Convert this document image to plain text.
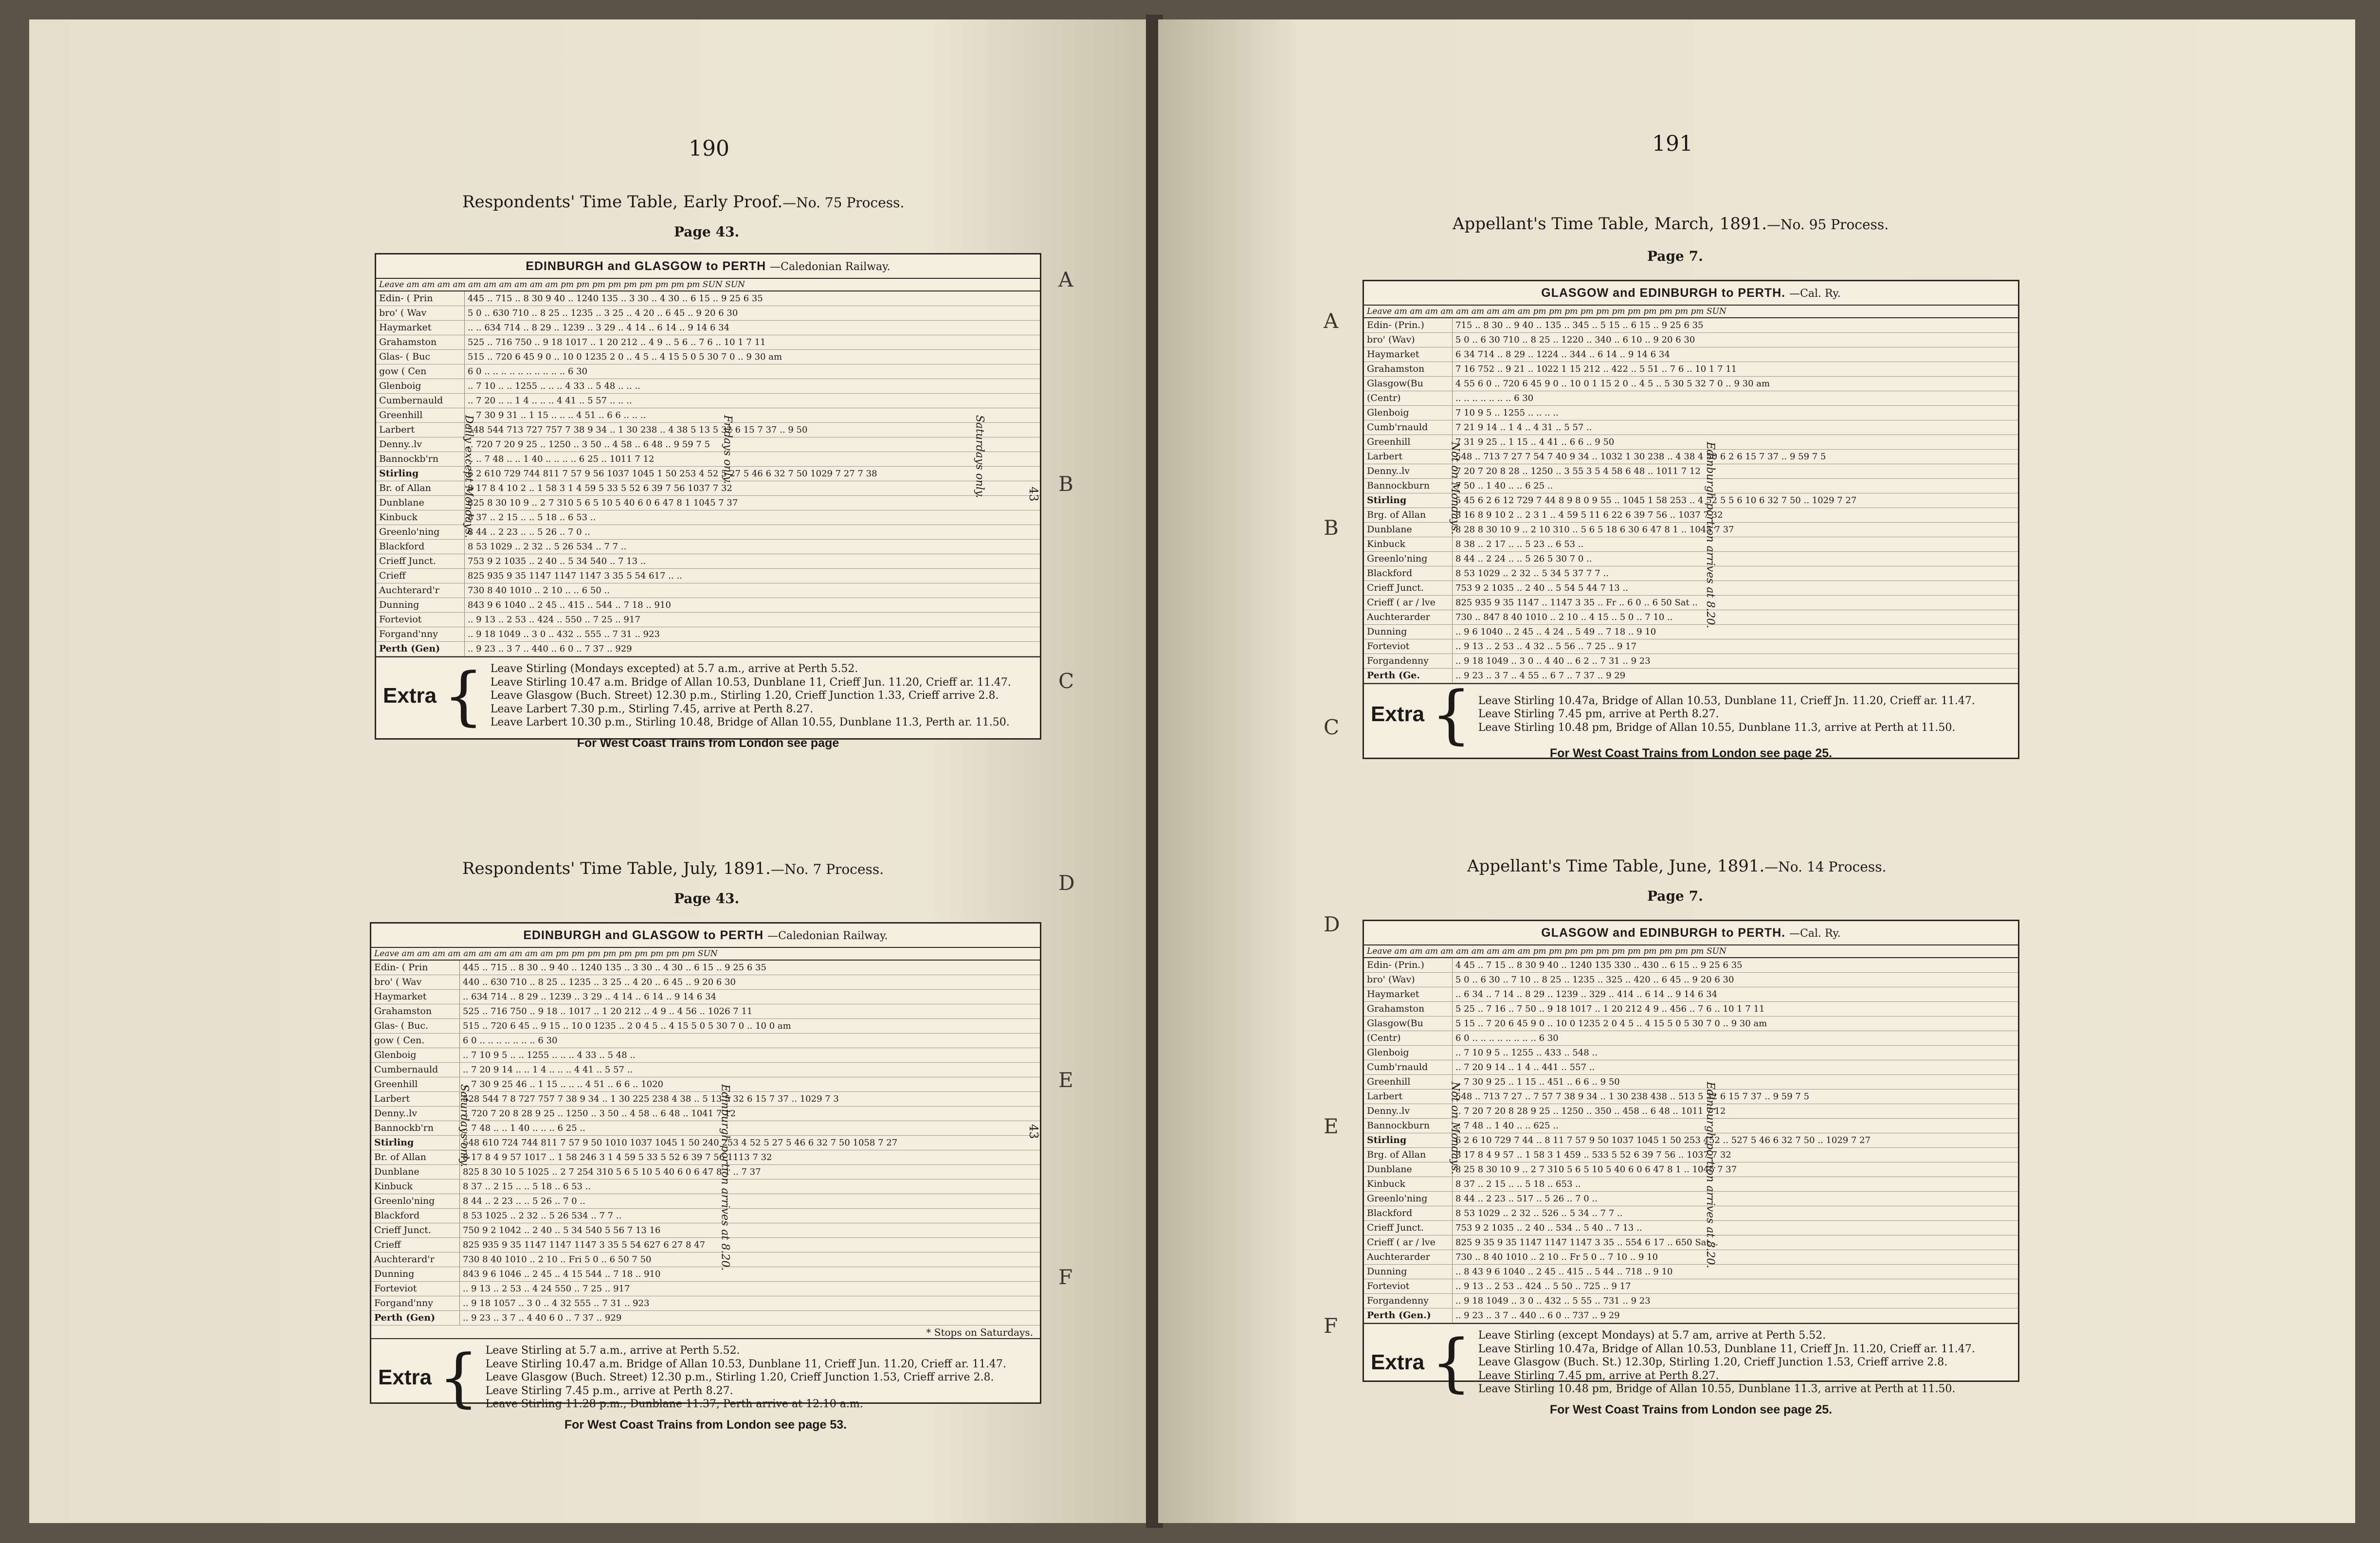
190
A
B
C
D
E
F
Respondents' Time Table, Early Proof.—No. 75 Process.
Page 43.
EDINBURGH and GLASGOW to PERTH —Caledonian Railway.
Leave am am am am am am am am am am pm pm pm pm pm pm pm pm pm SUN SUN
Edin- ( Prin	445 .. 715 .. 8 30 9 40 .. 1240 135 .. 3 30 .. 4 30 .. 6 15 .. 9 25 6 35
bro' ( Wav	5 0 .. 630 710 .. 8 25 .. 1235 .. 3 25 .. 4 20 .. 6 45 .. 9 20 6 30
Haymarket	.. .. 634 714 .. 8 29 .. 1239 .. 3 29 .. 4 14 .. 6 14 .. 9 14 6 34
Grahamston	525 .. 716 750 .. 9 18 1017 .. 1 20 212 .. 4 9 .. 5 6 .. 7 6 .. 10 1 7 11
Glas- ( Buc	515 .. 720 6 45 9 0 .. 10 0 1235 2 0 .. 4 5 .. 4 15 5 0 5 30 7 0 .. 9 30 am
gow ( Cen	6 0 .. .. .. .. .. .. .. .. .. .. 6 30
Glenboig	.. 7 10 .. .. 1255 .. .. .. 4 33 .. 5 48 .. .. ..
Cumbernauld	.. 7 20 .. .. 1 4 .. .. .. 4 41 .. 5 57 .. .. ..
Greenhill	.. 7 30 9 31 .. 1 15 .. .. .. 4 51 .. 6 6 .. .. ..
Larbert	548 544 713 727 757 7 38 9 34 .. 1 30 238 .. 4 38 5 13 5 32 6 15 7 37 .. 9 50
Denny..lv	.. 720 7 20 9 25 .. 1250 .. 3 50 .. 4 58 .. 6 48 .. 9 59 7 5
Bannockb'rn	.. .. 7 48 .. .. 1 40 .. .. .. .. 6 25 .. 1011 7 12
Stirling	6 2 610 729 744 811 7 57 9 56 1037 1045 1 50 253 4 52 5 27 5 46 6 32 7 50 1029 7 27 7 38
Br. of Allan	8 17 8 4 10 2 .. 1 58 3 1 4 59 5 33 5 52 6 39 7 56 1037 7 32
Dunblane	825 8 30 10 9 .. 2 7 310 5 6 5 10 5 40 6 0 6 47 8 1 1045 7 37
Kinbuck	8 37 .. 2 15 .. .. 5 18 .. 6 53 ..
Greenlo'ning	8 44 .. 2 23 .. .. 5 26 .. 7 0 ..
Blackford	8 53 1029 .. 2 32 .. 5 26 534 .. 7 7 ..
Crieff Junct.	753 9 2 1035 .. 2 40 .. 5 34 540 .. 7 13 ..
Crieff	825 935 9 35 1147 1147 1147 3 35 5 54 617 .. ..
Auchterard'r	730 8 40 1010 .. 2 10 .. .. 6 50 ..
Dunning	843 9 6 1040 .. 2 45 .. 415 .. 544 .. 7 18 .. 910
Forteviot	.. 9 13 .. 2 53 .. 424 .. 550 .. 7 25 .. 917
Forgand'nny	.. 9 18 1049 .. 3 0 .. 432 .. 555 .. 7 31 .. 923
Perth (Gen)	.. 9 23 .. 3 7 .. 440 .. 6 0 .. 7 37 .. 929
Extra { Leave Stirling (Mondays excepted) at 5.7 a.m., arrive at Perth 5.52.
Leave Stirling 10.47 a.m. Bridge of Allan 10.53, Dunblane 11, Crieff Jun. 11.20, Crieff ar. 11.47.
Leave Glasgow (Buch. Street) 12.30 p.m., Stirling 1.20, Crieff Junction 1.33, Crieff arrive 2.8.
Leave Larbert 7.30 p.m., Stirling 7.45, arrive at Perth 8.27.
Leave Larbert 10.30 p.m., Stirling 10.48, Bridge of Allan 10.55, Dunblane 11.3, Perth ar. 11.50.
For West Coast Trains from London see page
Daily except Mondays.	Fridays only.	Saturdays only.	43
Respondents' Time Table, July, 1891.—No. 7 Process.
Page 43.
EDINBURGH and GLASGOW to PERTH —Caledonian Railway.
Leave am am am am am am am am am am pm pm pm pm pm pm pm pm pm SUN
Edin- ( Prin	445 .. 715 .. 8 30 .. 9 40 .. 1240 135 .. 3 30 .. 4 30 .. 6 15 .. 9 25 6 35
bro' ( Wav	440 .. 630 710 .. 8 25 .. 1235 .. 3 25 .. 4 20 .. 6 45 .. 9 20 6 30
Haymarket	.. 634 714 .. 8 29 .. 1239 .. 3 29 .. 4 14 .. 6 14 .. 9 14 6 34
Grahamston	525 .. 716 750 .. 9 18 .. 1017 .. 1 20 212 .. 4 9 .. 4 56 .. 1026 7 11
Glas- ( Buc.	515 .. 720 6 45 .. 9 15 .. 10 0 1235 .. 2 0 4 5 .. 4 15 5 0 5 30 7 0 .. 10 0 am
gow ( Cen.	6 0 .. .. .. .. .. .. .. 6 30
Glenboig	.. 7 10 9 5 .. .. 1255 .. .. .. 4 33 .. 5 48 ..
Cumbernauld	.. 7 20 9 14 .. .. 1 4 .. .. .. 4 41 .. 5 57 ..
Greenhill	.. 7 30 9 25 46 .. 1 15 .. .. .. 4 51 .. 6 6 .. 1020
Larbert	528 544 7 8 727 757 7 38 9 34 .. 1 30 225 238 4 38 .. 5 13 5 32 6 15 7 37 .. 1029 7 3
Denny..lv	.. 720 7 20 8 28 9 25 .. 1250 .. 3 50 .. 4 58 .. 6 48 .. 1041 7 12
Bannockb'rn	.. 7 48 .. .. 1 40 .. .. .. 6 25 ..
Stirling	548 610 724 744 811 7 57 9 50 1010 1037 1045 1 50 240 253 4 52 5 27 5 46 6 32 7 50 1058 7 27
Br. of Allan	8 17 8 4 9 57 1017 .. 1 58 246 3 1 4 59 5 33 5 52 6 39 7 56 1113 7 32
Dunblane	825 8 30 10 5 1025 .. 2 7 254 310 5 6 5 10 5 40 6 0 6 47 8 1 .. 7 37
Kinbuck	8 37 .. 2 15 .. .. 5 18 .. 6 53 ..
Greenlo'ning	8 44 .. 2 23 .. .. 5 26 .. 7 0 ..
Blackford	8 53 1025 .. 2 32 .. 5 26 534 .. 7 7 ..
Crieff Junct.	750 9 2 1042 .. 2 40 .. 5 34 540 5 56 7 13 16
Crieff	825 935 9 35 1147 1147 1147 3 35 5 54 627 6 27 8 47
Auchterard'r	730 8 40 1010 .. 2 10 .. Fri 5 0 .. 6 50 7 50
Dunning	843 9 6 1046 .. 2 45 .. 4 15 544 .. 7 18 .. 910
Forteviot	.. 9 13 .. 2 53 .. 4 24 550 .. 7 25 .. 917
Forgand'nny	.. 9 18 1057 .. 3 0 .. 4 32 555 .. 7 31 .. 923
Perth (Gen)	.. 9 23 .. 3 7 .. 4 40 6 0 .. 7 37 .. 929
* Stops on Saturdays.
Extra { Leave Stirling at 5.7 a.m., arrive at Perth 5.52.
Leave Stirling 10.47 a.m. Bridge of Allan 10.53, Dunblane 11, Crieff Jun. 11.20, Crieff ar. 11.47.
Leave Glasgow (Buch. Street) 12.30 p.m., Stirling 1.20, Crieff Junction 1.53, Crieff arrive 2.8.
Leave Stirling 7.45 p.m., arrive at Perth 8.27.
Leave Stirling 11.28 p.m., Dunblane 11.37, Perth arrive at 12.10 a.m.
For West Coast Trains from London see page 53.
Saturdays only.	Edinburgh portion arrives at 8.20.	43
191
A
B
C
D
E
F
Appellant's Time Table, March, 1891.—No. 95 Process.
Page 7.
GLASGOW and EDINBURGH to PERTH. —Cal. Ry.
Leave am am am am am am am am am pm pm pm pm pm pm pm pm pm pm pm SUN
Edin- (Prin.)	715 .. 8 30 .. 9 40 .. 135 .. 345 .. 5 15 .. 6 15 .. 9 25 6 35
bro' (Wav)	5 0 .. 6 30 710 .. 8 25 .. 1220 .. 340 .. 6 10 .. 9 20 6 30
Haymarket	6 34 714 .. 8 29 .. 1224 .. 344 .. 6 14 .. 9 14 6 34
Grahamston	7 16 752 .. 9 21 .. 1022 1 15 212 .. 422 .. 5 51 .. 7 6 .. 10 1 7 11
Glasgow(Bu	4 55 6 0 .. 720 6 45 9 0 .. 10 0 1 15 2 0 .. 4 5 .. 5 30 5 32 7 0 .. 9 30 am
(Centr)	.. .. .. .. .. .. .. 6 30
Glenboig	7 10 9 5 .. 1255 .. .. .. ..
Cumb'rnauld	7 21 9 14 .. 1 4 .. 4 31 .. 5 57 ..
Greenhill	7 31 9 25 .. 1 15 .. 4 41 .. 6 6 .. 9 50
Larbert	548 .. 713 7 27 7 54 7 40 9 34 .. 1032 1 30 238 .. 4 38 4 50 6 2 6 15 7 37 .. 9 59 7 5
Denny..lv	7 20 7 20 8 28 .. 1250 .. 3 55 3 5 4 58 6 48 .. 1011 7 12
Bannockburn	7 50 .. 1 40 .. .. 6 25 ..
Stirling	5 45 6 2 6 12 729 7 44 8 9 8 0 9 55 .. 1045 1 58 253 .. 4 52 5 5 6 10 6 32 7 50 .. 1029 7 27
Brg. of Allan	8 16 8 9 10 2 .. 2 3 1 .. 4 59 5 11 6 22 6 39 7 56 .. 1037 7 32
Dunblane	8 28 8 30 10 9 .. 2 10 310 .. 5 6 5 18 6 30 6 47 8 1 .. 1045 7 37
Kinbuck	8 38 .. 2 17 .. .. 5 23 .. 6 53 ..
Greenlo'ning	8 44 .. 2 24 .. .. 5 26 5 30 7 0 ..
Blackford	8 53 1029 .. 2 32 .. 5 34 5 37 7 7 ..
Crieff Junct.	753 9 2 1035 .. 2 40 .. 5 54 5 44 7 13 ..
Crieff ( ar / lve	825 935 9 35 1147 .. 1147 3 35 .. Fr .. 6 0 .. 6 50 Sat ..
Auchterarder	730 .. 847 8 40 1010 .. 2 10 .. 4 15 .. 5 0 .. 7 10 ..
Dunning	.. 9 6 1040 .. 2 45 .. 4 24 .. 5 49 .. 7 18 .. 9 10
Forteviot	.. 9 13 .. 2 53 .. 4 32 .. 5 56 .. 7 25 .. 9 17
Forgandenny	.. 9 18 1049 .. 3 0 .. 4 40 .. 6 2 .. 7 31 .. 9 23
Perth (Ge.	.. 9 23 .. 3 7 .. 4 55 .. 6 7 .. 7 37 .. 9 29
Extra { Leave Stirling 10.47a, Bridge of Allan 10.53, Dunblane 11, Crieff Jn. 11.20, Crieff ar. 11.47.
Leave Stirling 7.45 pm, arrive at Perth 8.27.
Leave Stirling 10.48 pm, Bridge of Allan 10.55, Dunblane 11.3, arrive at Perth at 11.50.
For West Coast Trains from London see page 25.
Not on Mondays.	Edinburgh portion arrives at 8.20.
Appellant's Time Table, June, 1891.—No. 14 Process.
Page 7.
GLASGOW and EDINBURGH to PERTH. —Cal. Ry.
Leave am am am am am am am am am pm pm pm pm pm pm pm pm pm pm pm SUN
Edin- (Prin.)	4 45 .. 7 15 .. 8 30 9 40 .. 1240 135 330 .. 430 .. 6 15 .. 9 25 6 35
bro' (Wav)	5 0 .. 6 30 .. 7 10 .. 8 25 .. 1235 .. 325 .. 420 .. 6 45 .. 9 20 6 30
Haymarket	.. 6 34 .. 7 14 .. 8 29 .. 1239 .. 329 .. 414 .. 6 14 .. 9 14 6 34
Grahamston	5 25 .. 7 16 .. 7 50 .. 9 18 1017 .. 1 20 212 4 9 .. 456 .. 7 6 .. 10 1 7 11
Glasgow(Bu	5 15 .. 7 20 6 45 9 0 .. 10 0 1235 2 0 4 5 .. 4 15 5 0 5 30 7 0 .. 9 30 am
(Centr)	6 0 .. .. .. .. .. .. .. .. 6 30
Glenboig	.. 7 10 9 5 .. 1255 .. 433 .. 548 ..
Cumb'rnauld	.. 7 20 9 14 .. 1 4 .. 441 .. 557 ..
Greenhill	.. 7 30 9 25 .. 1 15 .. 451 .. 6 6 .. 9 50
Larbert	548 .. 713 7 27 .. 7 57 7 38 9 34 .. 1 30 238 438 .. 513 5 32 6 15 7 37 .. 9 59 7 5
Denny..lv	.. 7 20 7 20 8 28 9 25 .. 1250 .. 350 .. 458 .. 6 48 .. 1011 7 12
Bannockburn	.. 7 48 .. 1 40 .. .. 625 ..
Stirling	6 2 6 10 729 7 44 .. 8 11 7 57 9 50 1037 1045 1 50 253 452 .. 527 5 46 6 32 7 50 .. 1029 7 27
Brg. of Allan	8 17 8 4 9 57 .. 1 58 3 1 459 .. 533 5 52 6 39 7 56 .. 1037 7 32
Dunblane	8 25 8 30 10 9 .. 2 7 310 5 6 5 10 5 40 6 0 6 47 8 1 .. 1045 7 37
Kinbuck	8 37 .. 2 15 .. .. 5 18 .. 653 ..
Greenlo'ning	8 44 .. 2 23 .. 517 .. 5 26 .. 7 0 ..
Blackford	8 53 1029 .. 2 32 .. 526 .. 5 34 .. 7 7 ..
Crieff Junct.	753 9 2 1035 .. 2 40 .. 534 .. 5 40 .. 7 13 ..
Crieff ( ar / lve	825 9 35 9 35 1147 1147 1147 3 35 .. 554 6 17 .. 650 Sat ..
Auchterarder	730 .. 8 40 1010 .. 2 10 .. Fr 5 0 .. 7 10 .. 9 10
Dunning	.. 8 43 9 6 1040 .. 2 45 .. 415 .. 5 44 .. 718 .. 9 10
Forteviot	.. 9 13 .. 2 53 .. 424 .. 5 50 .. 725 .. 9 17
Forgandenny	.. 9 18 1049 .. 3 0 .. 432 .. 5 55 .. 731 .. 9 23
Perth (Gen.)	.. 9 23 .. 3 7 .. 440 .. 6 0 .. 737 .. 9 29
Extra { Leave Stirling (except Mondays) at 5.7 am, arrive at Perth 5.52.
Leave Stirling 10.47a, Bridge of Allan 10.53, Dunblane 11, Crieff Jn. 11.20, Crieff ar. 11.47.
Leave Glasgow (Buch. St.) 12.30p, Stirling 1.20, Crieff Junction 1.53, Crieff arrive 2.8.
Leave Stirling 7.45 pm, arrive at Perth 8.27.
Leave Stirling 10.48 pm, Bridge of Allan 10.55, Dunblane 11.3, arrive at Perth at 11.50.
For West Coast Trains from London see page 25.
Not on Mondays.	Edinburgh portion arrives at 8.20.
